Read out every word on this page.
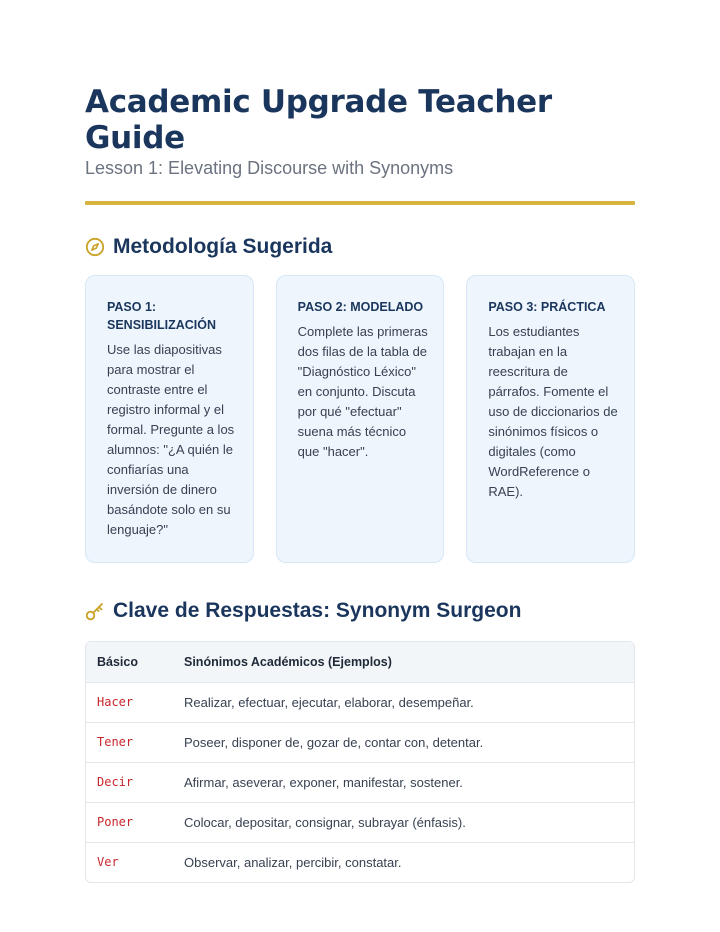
Academic Upgrade Teacher Guide
Lesson 1: Elevating Discourse with Synonyms
Metodología Sugerida
PASO 1: SENSIBILIZACIÓN
Use las diapositivas para mostrar el contraste entre el registro informal y el formal. Pregunte a los alumnos: "¿A quién le confiarías una inversión de dinero basándote solo en su lenguaje?"
PASO 2: MODELADO
Complete las primeras dos filas de la tabla de "Diagnóstico Léxico" en conjunto. Discuta por qué "efectuar" suena más técnico que "hacer".
PASO 3: PRÁCTICA
Los estudiantes trabajan en la reescritura de párrafos. Fomente el uso de diccionarios de sinónimos físicos o digitales (como WordReference o RAE).
Clave de Respuestas: Synonym Surgeon
Básico	Sinónimos Académicos (Ejemplos)
Hacer	Realizar, efectuar, ejecutar, elaborar, desempeñar.
Tener	Poseer, disponer de, gozar de, contar con, detentar.
Decir	Afirmar, aseverar, exponer, manifestar, sostener.
Poner	Colocar, depositar, consignar, subrayar (énfasis).
Ver	Observar, analizar, percibir, constatar.
